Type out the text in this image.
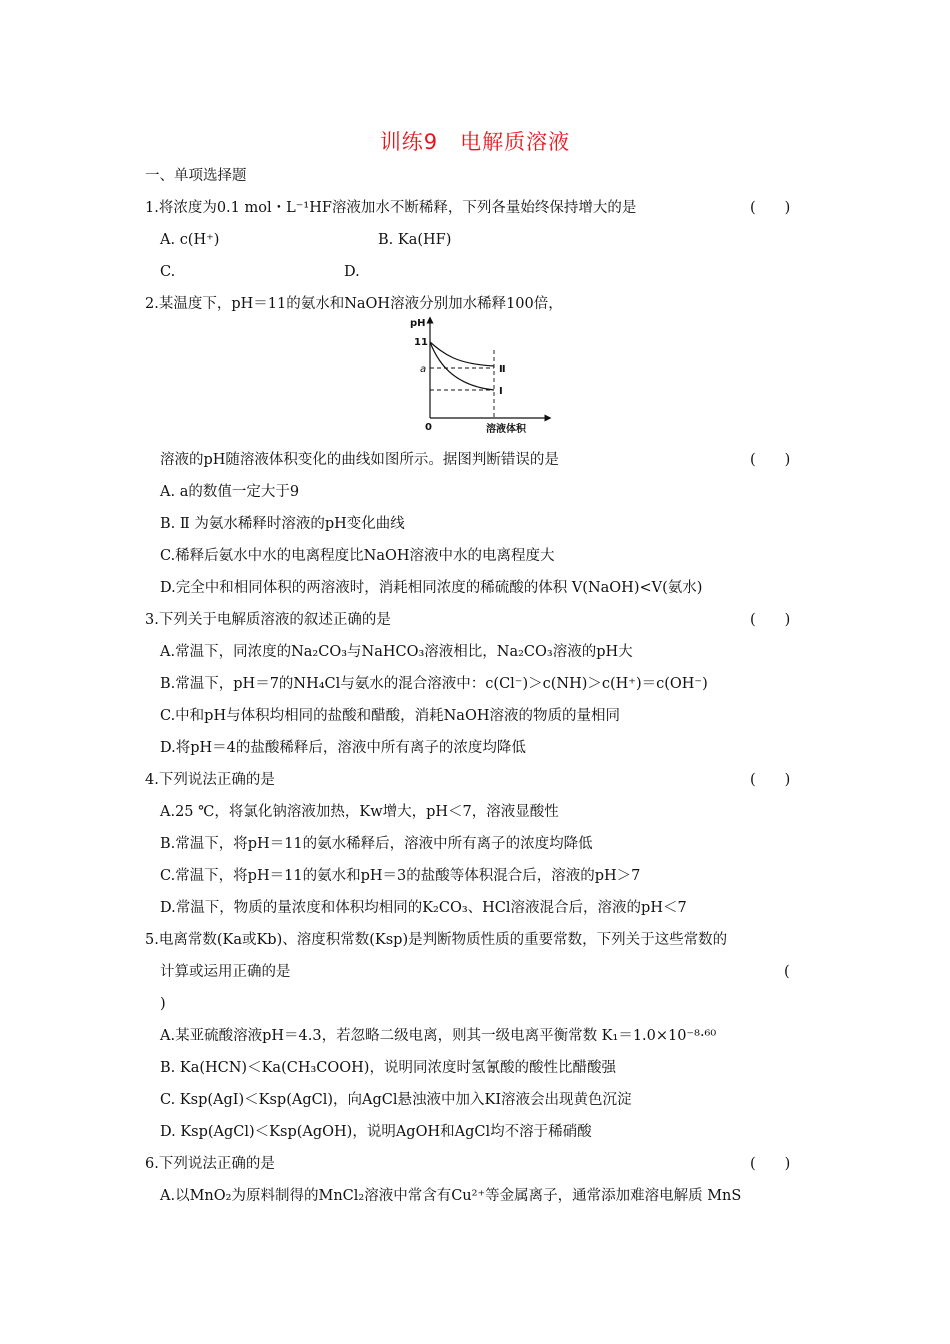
训练9　电解质溶液
一、单项选择题
1.将浓度为0.1 mol・L⁻¹HF溶液加水不断稀释，下列各量始终保持增大的是	(　　)
A. c(H⁺)	B. Ka(HF)
C.	D.
2.某温度下，pH＝11的氨水和NaOH溶液分别加水稀释100倍，
pH
11
a
0	溶液体积
Ⅱ
Ⅰ
溶液的pH随溶液体积变化的曲线如图所示。据图判断错误的是	(　　)
A. a的数值一定大于9
B. Ⅱ 为氨水稀释时溶液的pH变化曲线
C.稀释后氨水中水的电离程度比NaOH溶液中水的电离程度大
D.完全中和相同体积的两溶液时，消耗相同浓度的稀硫酸的体积 V(NaOH)<V(氨水)
3.下列关于电解质溶液的叙述正确的是	(　　)
A.常温下，同浓度的Na₂CO₃与NaHCO₃溶液相比，Na₂CO₃溶液的pH大
B.常温下，pH＝7的NH₄Cl与氨水的混合溶液中：c(Cl⁻)＞c(NH)＞c(H⁺)＝c(OH⁻)
C.中和pH与体积均相同的盐酸和醋酸，消耗NaOH溶液的物质的量相同
D.将pH＝4的盐酸稀释后，溶液中所有离子的浓度均降低
4.下列说法正确的是	(　　)
A.25 ℃，将氯化钠溶液加热，Kw增大，pH＜7，溶液显酸性
B.常温下，将pH＝11的氨水稀释后，溶液中所有离子的浓度均降低
C.常温下，将pH＝11的氨水和pH＝3的盐酸等体积混合后，溶液的pH＞7
D.常温下，物质的量浓度和体积均相同的K₂CO₃、HCl溶液混合后，溶液的pH＜7
5.电离常数(Ka或Kb)、溶度积常数(Ksp)是判断物质性质的重要常数，下列关于这些常数的
计算或运用正确的是	(
)
A.某亚硫酸溶液pH＝4.3，若忽略二级电离，则其一级电离平衡常数 K₁＝1.0×10⁻⁸·⁶⁰
B. Ka(HCN)＜Ka(CH₃COOH)，说明同浓度时氢氰酸的酸性比醋酸强
C. Ksp(AgI)＜Ksp(AgCl)，向AgCl悬浊液中加入KI溶液会出现黄色沉淀
D. Ksp(AgCl)＜Ksp(AgOH)，说明AgOH和AgCl均不溶于稀硝酸
6.下列说法正确的是	(　　)
A.以MnO₂为原料制得的MnCl₂溶液中常含有Cu²⁺等金属离子，通常添加难溶电解质 MnS
